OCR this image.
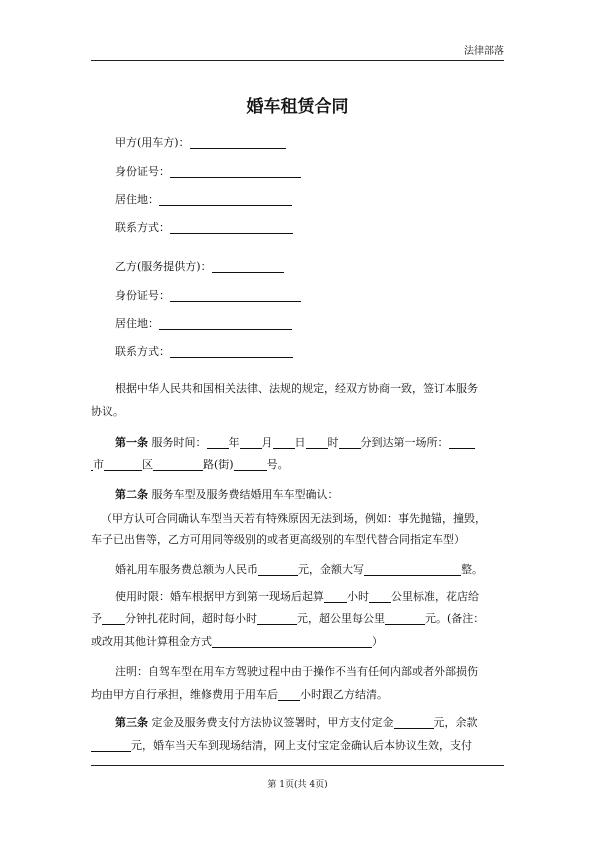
法律部落
婚车租赁合同
甲方(用车方)：
身份证号：
居住地：
联系方式：
乙方(服务提供方)：
身份证号：
居住地：
联系方式：
根据中华人民共和国相关法律、法规的规定，经双方协商一致，签订本服务
协议。
第一条 服务时间： 年 月 日 时 分到达第一场所：
市	区	路(街)	号。
第二条 服务车型及服务费结婚用车车型确认：
（甲方认可合同确认车型当天若有特殊原因无法到场，例如：事先抛锚，撞毁，
车子已出售等，乙方可用同等级别的或者更高级别的车型代替合同指定车型）
婚礼用车服务费总额为人民币	元，金额大写	整。
使用时限：婚车根据甲方到第一现场后起算 小时 公里标准，花店给
予 分钟扎花时间，超时每小时	元，超公里每公里	元。(备注：
或改用其他计算租金方式	）
注明：自驾车型在用车方驾驶过程中由于操作不当有任何内部或者外部损伤
均由甲方自行承担，维修费用于用车后 小时跟乙方结清。
第三条 定金及服务费支付方法协议签署时，甲方支付定金	元，余款
元，婚车当天车到现场结清，网上支付宝定金确认后本协议生效，支付
第 1页(共 4页)
